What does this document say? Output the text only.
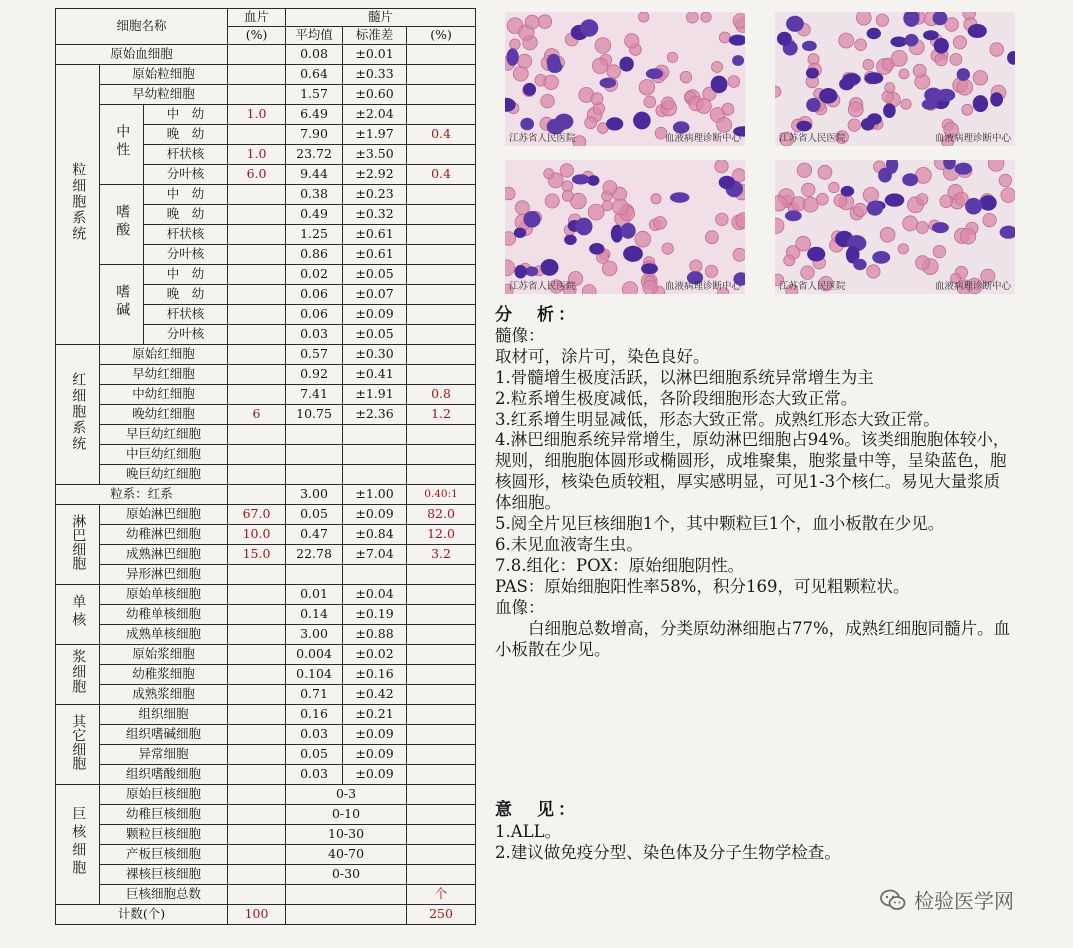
细胞名称			血片	髓片		
			(%)	平均值	标准差	(%)
原始血细胞				0.08	±0.01	
粒细胞系统	原始粒细胞			0.64	±0.33	
	早幼粒细胞			1.57	±0.60	
	中性	中　幼	1.0	6.49	±2.04	
		晚　幼		7.90	±1.97	0.4
		杆状核	1.0	23.72	±3.50	
		分叶核	6.0	9.44	±2.92	0.4
	嗜酸	中　幼		0.38	±0.23	
		晚　幼		0.49	±0.32	
		杆状核		1.25	±0.61	
		分叶核		0.86	±0.61	
	嗜碱	中　幼		0.02	±0.05	
		晚　幼		0.06	±0.07	
		杆状核		0.06	±0.09	
		分叶核		0.03	±0.05	
红细胞系统	原始红细胞			0.57	±0.30	
	早幼红细胞			0.92	±0.41	
	中幼红细胞			7.41	±1.91	0.8
	晚幼红细胞		6	10.75	±2.36	1.2
	早巨幼红细胞					
	中巨幼红细胞					
	晚巨幼红细胞					
粒系：红系				3.00	±1.00	0.40:1
淋巴细胞	原始淋巴细胞		67.0	0.05	±0.09	82.0
	幼稚淋巴细胞		10.0	0.47	±0.84	12.0
	成熟淋巴细胞		15.0	22.78	±7.04	3.2
	异形淋巴细胞					
单核	原始单核细胞			0.01	±0.04	
	幼稚单核细胞			0.14	±0.19	
	成熟单核细胞			3.00	±0.88	
浆细胞	原始浆细胞			0.004	±0.02	
	幼稚浆细胞			0.104	±0.16	
	成熟浆细胞			0.71	±0.42	
其它细胞	组织细胞			0.16	±0.21	
	组织嗜碱细胞			0.03	±0.09	
	异常细胞			0.05	±0.09	
	组织嗜酸细胞			0.03	±0.09	
巨核细胞	原始巨核细胞			0-3		
	幼稚巨核细胞			0-10		
	颗粒巨核细胞			10-30		
	产板巨核细胞			40-70		
	裸核巨核细胞			0-30		
	巨核细胞总数					个
计数(个)			100			250
江苏省人民医院	血液病理诊断中心	江苏省人民医院	血液病理诊断中心
江苏省人民医院	血液病理诊断中心	江苏省人民医院	血液病理诊断中心

分　析：

髓像：

取材可，涂片可，染色良好。

1.骨髓增生极度活跃，以淋巴细胞系统异常增生为主

2.粒系增生极度减低，各阶段细胞形态大致正常。

3.红系增生明显减低，形态大致正常。成熟红形态大致正常。

4.淋巴细胞系统异常增生，原幼淋巴细胞占94%。该类细胞胞体较小，规则，细胞胞体圆形或椭圆形，成堆聚集，胞浆量中等，呈染蓝色，胞核圆形，核染色质较粗，厚实感明显，可见1-3个核仁。易见大量浆质体细胞。

5.阅全片见巨核细胞1个，其中颗粒巨1个，血小板散在少见。

6.未见血液寄生虫。

7.8.组化：POX：原始细胞阴性。

PAS：原始细胞阳性率58%，积分169，可见粗颗粒状。

血像：

白细胞总数增高，分类原幼淋细胞占77%，成熟红细胞同髓片。血小板散在少见。

意　见：

1.ALL。

2.建议做免疫分型、染色体及分子生物学检查。

检验医学网
